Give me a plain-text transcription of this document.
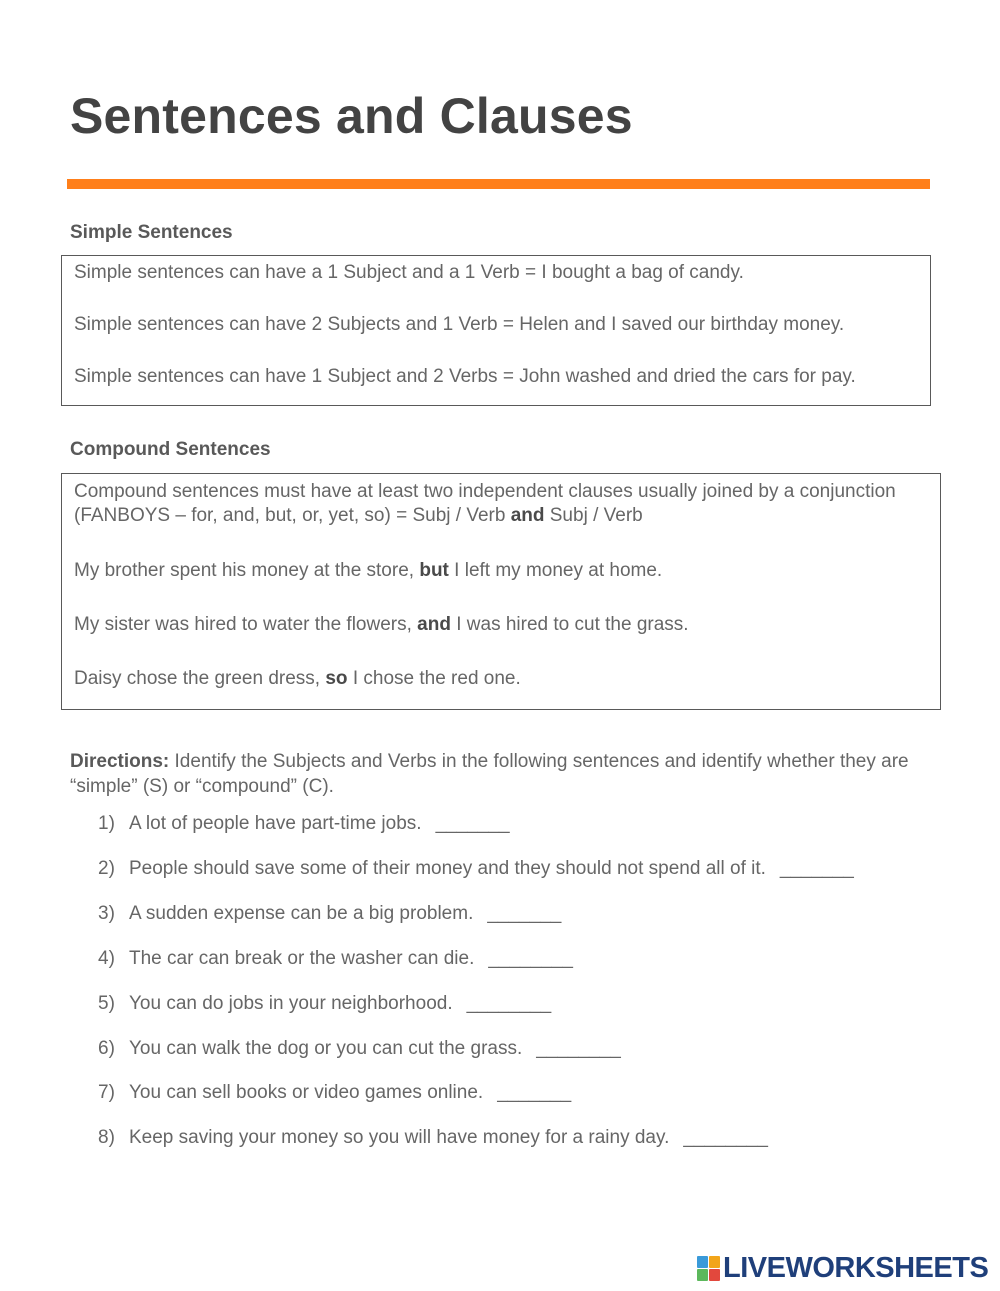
Sentences and Clauses
Simple Sentences

Simple sentences can have a 1 Subject and a 1 Verb = I bought a bag of candy.

Simple sentences can have 2 Subjects and 1 Verb = Helen and I saved our birthday money.

Simple sentences can have 1 Subject and 2 Verbs = John washed and dried the cars for pay.

Compound Sentences

Compound sentences must have at least two independent clauses usually joined by a conjunction (FANBOYS – for, and, but, or, yet, so) = Subj / Verb and Subj / Verb

My brother spent his money at the store, but I left my money at home.

My sister was hired to water the flowers, and I was hired to cut the grass.

Daisy chose the green dress, so I chose the red one.

Directions: Identify the Subjects and Verbs in the following sentences and identify whether they are “simple” (S) or “compound” (C).

1) A lot of people have part-time jobs. _______
2) People should save some of their money and they should not spend all of it. _______
3) A sudden expense can be a big problem. _______
4) The car can break or the washer can die. ________
5) You can do jobs in your neighborhood. ________
6) You can walk the dog or you can cut the grass. ________
7) You can sell books or video games online. _______
8) Keep saving your money so you will have money for a rainy day. ________
LIVEWORKSHEETS
